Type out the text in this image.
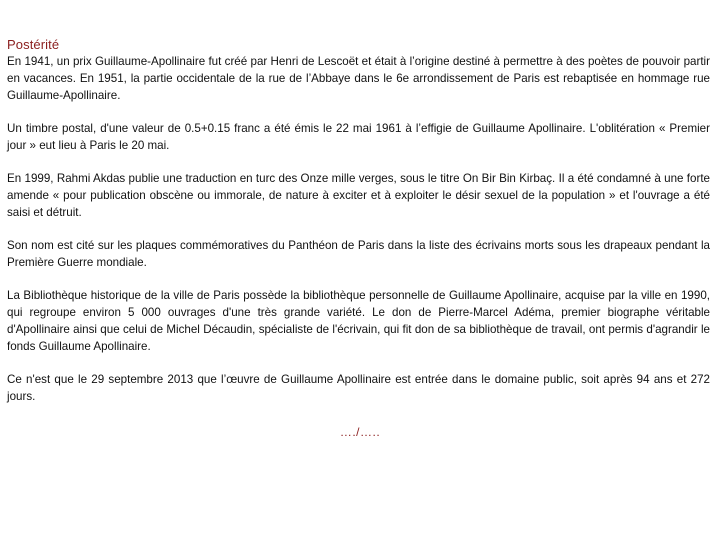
Postérité

En 1941, un prix Guillaume-Apollinaire fut créé par Henri de Lescoët et était à l’origine destiné à permettre à des poètes de pouvoir partir en vacances. En 1951, la partie occidentale de la rue de l’Abbaye dans le 6e arrondissement de Paris est rebaptisée en hommage rue Guillaume-Apollinaire.

Un timbre postal, d'une valeur de 0.5+0.15 franc a été émis le 22 mai 1961 à l’effigie de Guillaume Apollinaire. L'oblitération « Premier jour » eut lieu à Paris le 20 mai.

En 1999, Rahmi Akdas publie une traduction en turc des Onze mille verges, sous le titre On Bir Bin Kirbaç. Il a été condamné à une forte amende « pour publication obscène ou immorale, de nature à exciter et à exploiter le désir sexuel de la population » et l'ouvrage a été saisi et détruit.

Son nom est cité sur les plaques commémoratives du Panthéon de Paris dans la liste des écrivains morts sous les drapeaux pendant la Première Guerre mondiale.

La Bibliothèque historique de la ville de Paris possède la bibliothèque personnelle de Guillaume Apollinaire, acquise par la ville en 1990, qui regroupe environ 5 000 ouvrages d'une très grande variété. Le don de Pierre-Marcel Adéma, premier biographe véritable d'Apollinaire ainsi que celui de Michel Décaudin, spécialiste de l'écrivain, qui fit don de sa bibliothèque de travail, ont permis d'agrandir le fonds Guillaume Apollinaire.

Ce n'est que le 29 septembre 2013 que l’œuvre de Guillaume Apollinaire est entrée dans le domaine public, soit après 94 ans et 272 jours.

…./…..
